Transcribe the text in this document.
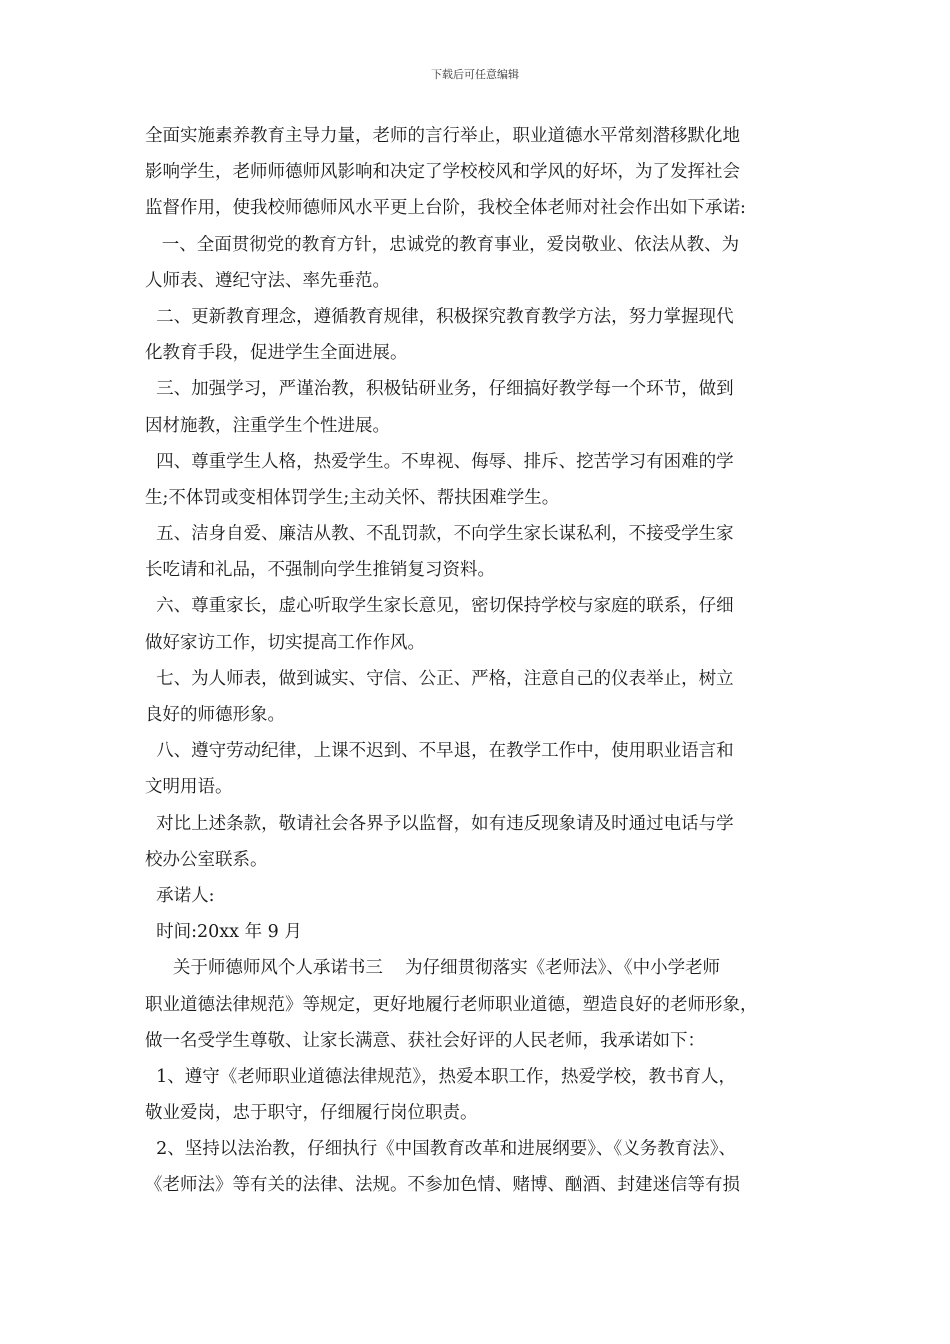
下载后可任意编辑
全面实施素养教育主导力量，老师的言行举止，职业道德水平常刻潜移默化地
影响学生，老师师德师风影响和决定了学校校风和学风的好坏，为了发挥社会
监督作用，使我校师德师风水平更上台阶，我校全体老师对社会作出如下承诺:
一、全面贯彻党的教育方针，忠诚党的教育事业，爱岗敬业、依法从教、为
人师表、遵纪守法、率先垂范。
二、更新教育理念，遵循教育规律，积极探究教育教学方法，努力掌握现代
化教育手段，促进学生全面进展。
三、加强学习，严谨治教，积极钻研业务，仔细搞好教学每一个环节，做到
因材施教，注重学生个性进展。
四、尊重学生人格，热爱学生。不卑视、侮辱、排斥、挖苦学习有困难的学
生;不体罚或变相体罚学生;主动关怀、帮扶困难学生。
五、洁身自爱、廉洁从教、不乱罚款，不向学生家长谋私利，不接受学生家
长吃请和礼品，不强制向学生推销复习资料。
六、尊重家长，虚心听取学生家长意见，密切保持学校与家庭的联系，仔细
做好家访工作，切实提高工作作风。
七、为人师表，做到诚实、守信、公正、严格，注意自己的仪表举止，树立
良好的师德形象。
八、遵守劳动纪律，上课不迟到、不早退，在教学工作中，使用职业语言和
文明用语。
对比上述条款，敬请社会各界予以监督，如有违反现象请及时通过电话与学
校办公室联系。
承诺人:
时间:20xx 年 9 月
关于师德师风个人承诺书三    为仔细贯彻落实《老师法》、《中小学老师
职业道德法律规范》等规定，更好地履行老师职业道德，塑造良好的老师形象，
做一名受学生尊敬、让家长满意、获社会好评的人民老师，我承诺如下：
1、遵守《老师职业道德法律规范》，热爱本职工作，热爱学校，教书育人，
敬业爱岗，忠于职守，仔细履行岗位职责。
2、坚持以法治教，仔细执行《中国教育改革和进展纲要》、《义务教育法》、
《老师法》等有关的法律、法规。不参加色情、赌博、酗酒、封建迷信等有损
